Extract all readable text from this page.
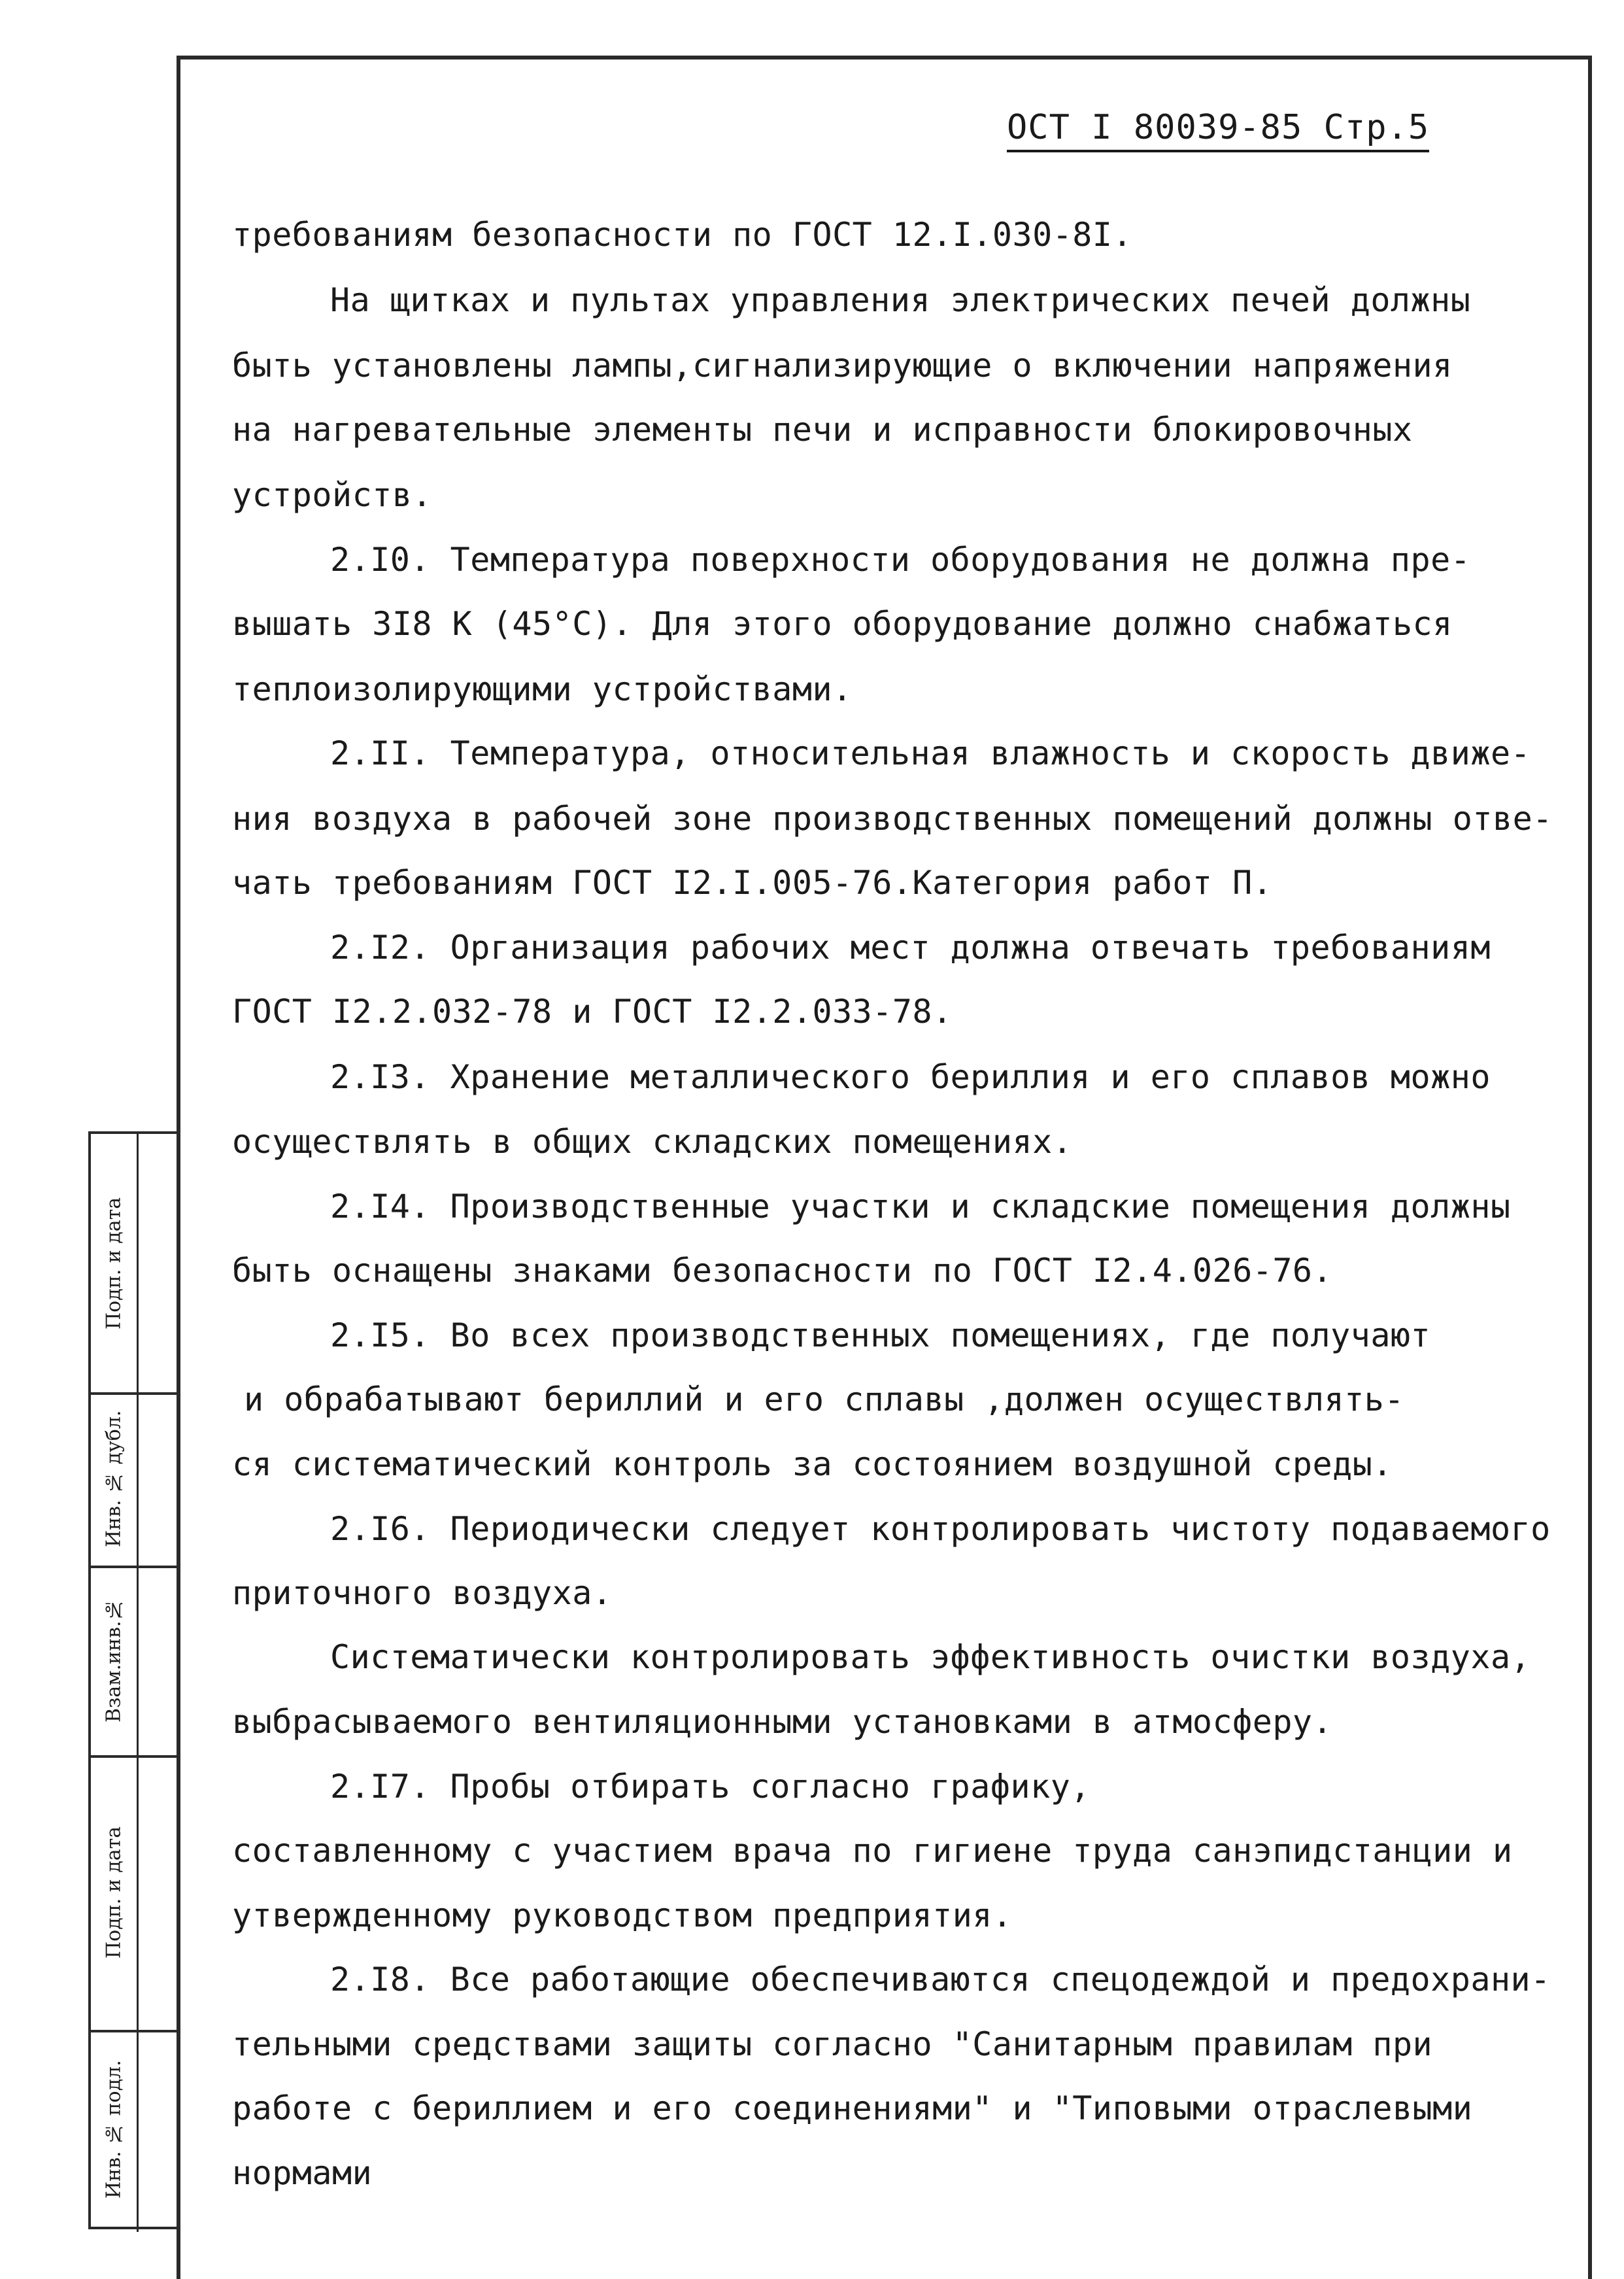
ОСТ I 80039-85 Стр.5
требованиям безопасности по ГОСТ 12.I.030-8I.
На щитках и пультах управления электрических печей должны
быть установлены лампы,сигнализирующие о включении напряжения
на нагревательные элементы печи и исправности блокировочных
устройств.
2.I0. Температура поверхности оборудования не должна пре-
вышать 3I8 К (45°С). Для этого оборудование должно снабжаться
теплоизолирующими устройствами.
2.II. Температура, относительная влажность и скорость движе-
ния воздуха в рабочей зоне производственных помещений должны отве-
чать требованиям ГОСТ I2.I.005-76.Категория работ П.
2.I2. Организация рабочих мест должна отвечать требованиям
ГОСТ I2.2.032-78 и ГОСТ I2.2.033-78.
2.I3. Хранение металлического бериллия и его сплавов можно
осуществлять в общих складских помещениях.
2.I4. Производственные участки и складские помещения должны
быть оснащены знаками безопасности по ГОСТ I2.4.026-76.
2.I5. Во всех производственных помещениях, где получают
и обрабатывают бериллий и его сплавы ,должен осуществлять-
ся систематический контроль за состоянием воздушной среды.
2.I6. Периодически следует контролировать чистоту подаваемого
приточного воздуха.
Систематически контролировать эффективность очистки воздуха,
выбрасываемого вентиляционными установками в атмосферу.
2.I7. Пробы отбирать согласно графику,
составленному с участием врача по гигиене труда санэпидстанции и
утвержденному руководством предприятия.
2.I8. Все работающие обеспечиваются спецодеждой и предохрани-
тельными средствами защиты согласно "Санитарным правилам при
работе с бериллием и его соединениями" и "Типовыми отраслевыми
нормами
Подп. и дата
Инв. № дубл.
Взам.инв.№
Подп. и дата
Инв. № подл.
